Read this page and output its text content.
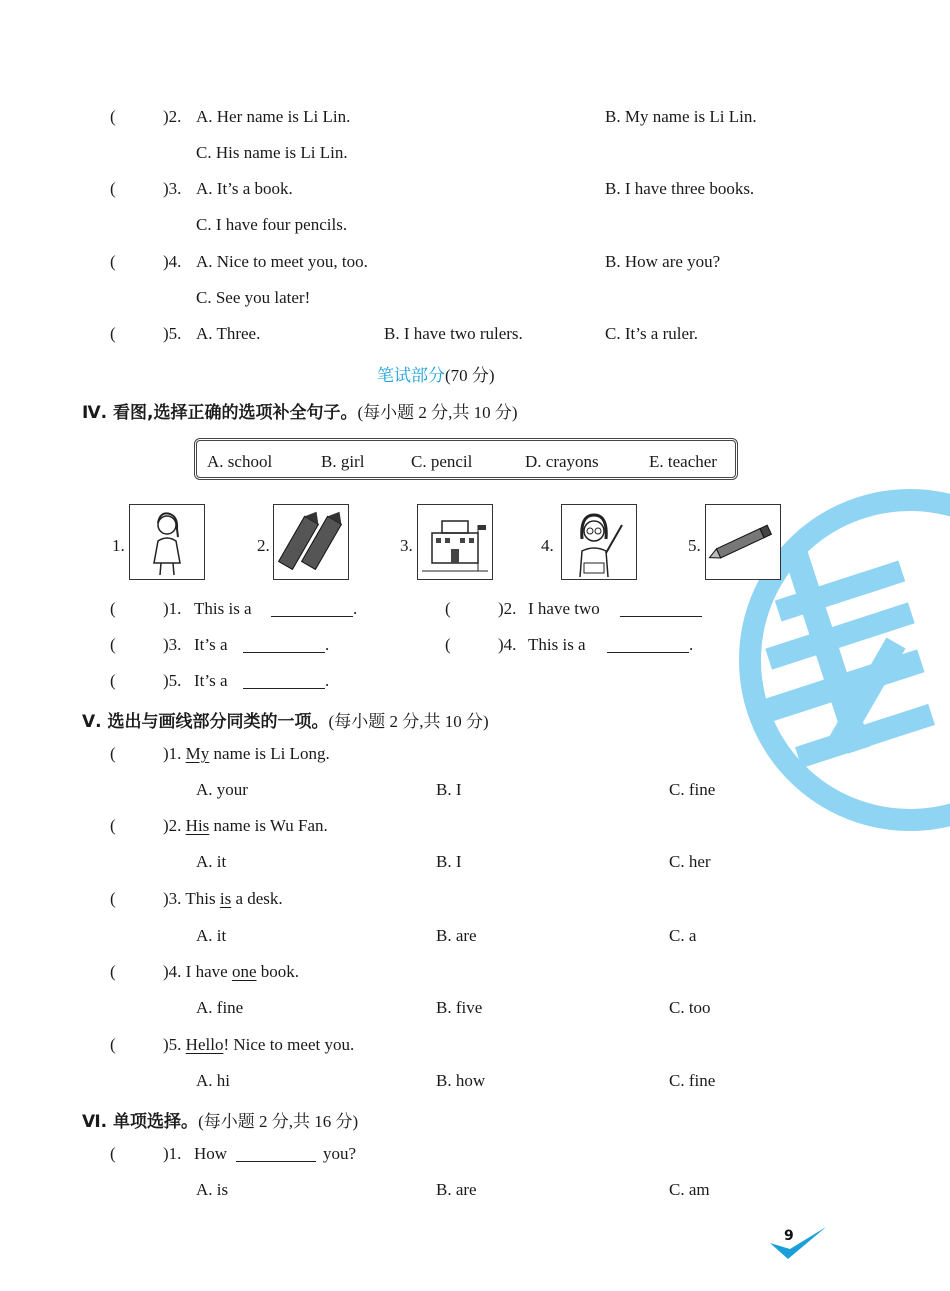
(	)2. A. Her name is Li Lin.	B. My name is Li Lin.
C. His name is Li Lin.
(	)3. A. It’s a book.	B. I have three books.
C. I have four pencils.
(	)4. A. Nice to meet you, too.	B. How are you?
C. See you later!
(	)5. A. Three.	B. I have two rulers.	C. It’s a ruler.
笔试部分(70 分)
Ⅳ. 看图,选择正确的选项补全句子。(每小题 2 分,共 10 分)
A. school	B. girl	C. pencil	D. crayons	E. teacher
1.	2.	3.	4.	5.
(	)1. This is a	.	(	)2. I have two
(	)3. It’s a	.	(	)4. This is a	.
(	)5. It’s a	.
Ⅴ. 选出与画线部分同类的一项。(每小题 2 分,共 10 分)
(	)1. My name is Li Long.
A. your	B. I	C. fine
(	)2. His name is Wu Fan.
A. it	B. I	C. her
(	)3. This is a desk.
A. it	B. are	C. a
(	)4. I have one book.
A. fine	B. five	C. too
(	)5. Hello! Nice to meet you.
A. hi	B. how	C. fine
Ⅵ. 单项选择。(每小题 2 分,共 16 分)
(	)1. How	you?
A. is	B. are	C. am
9
